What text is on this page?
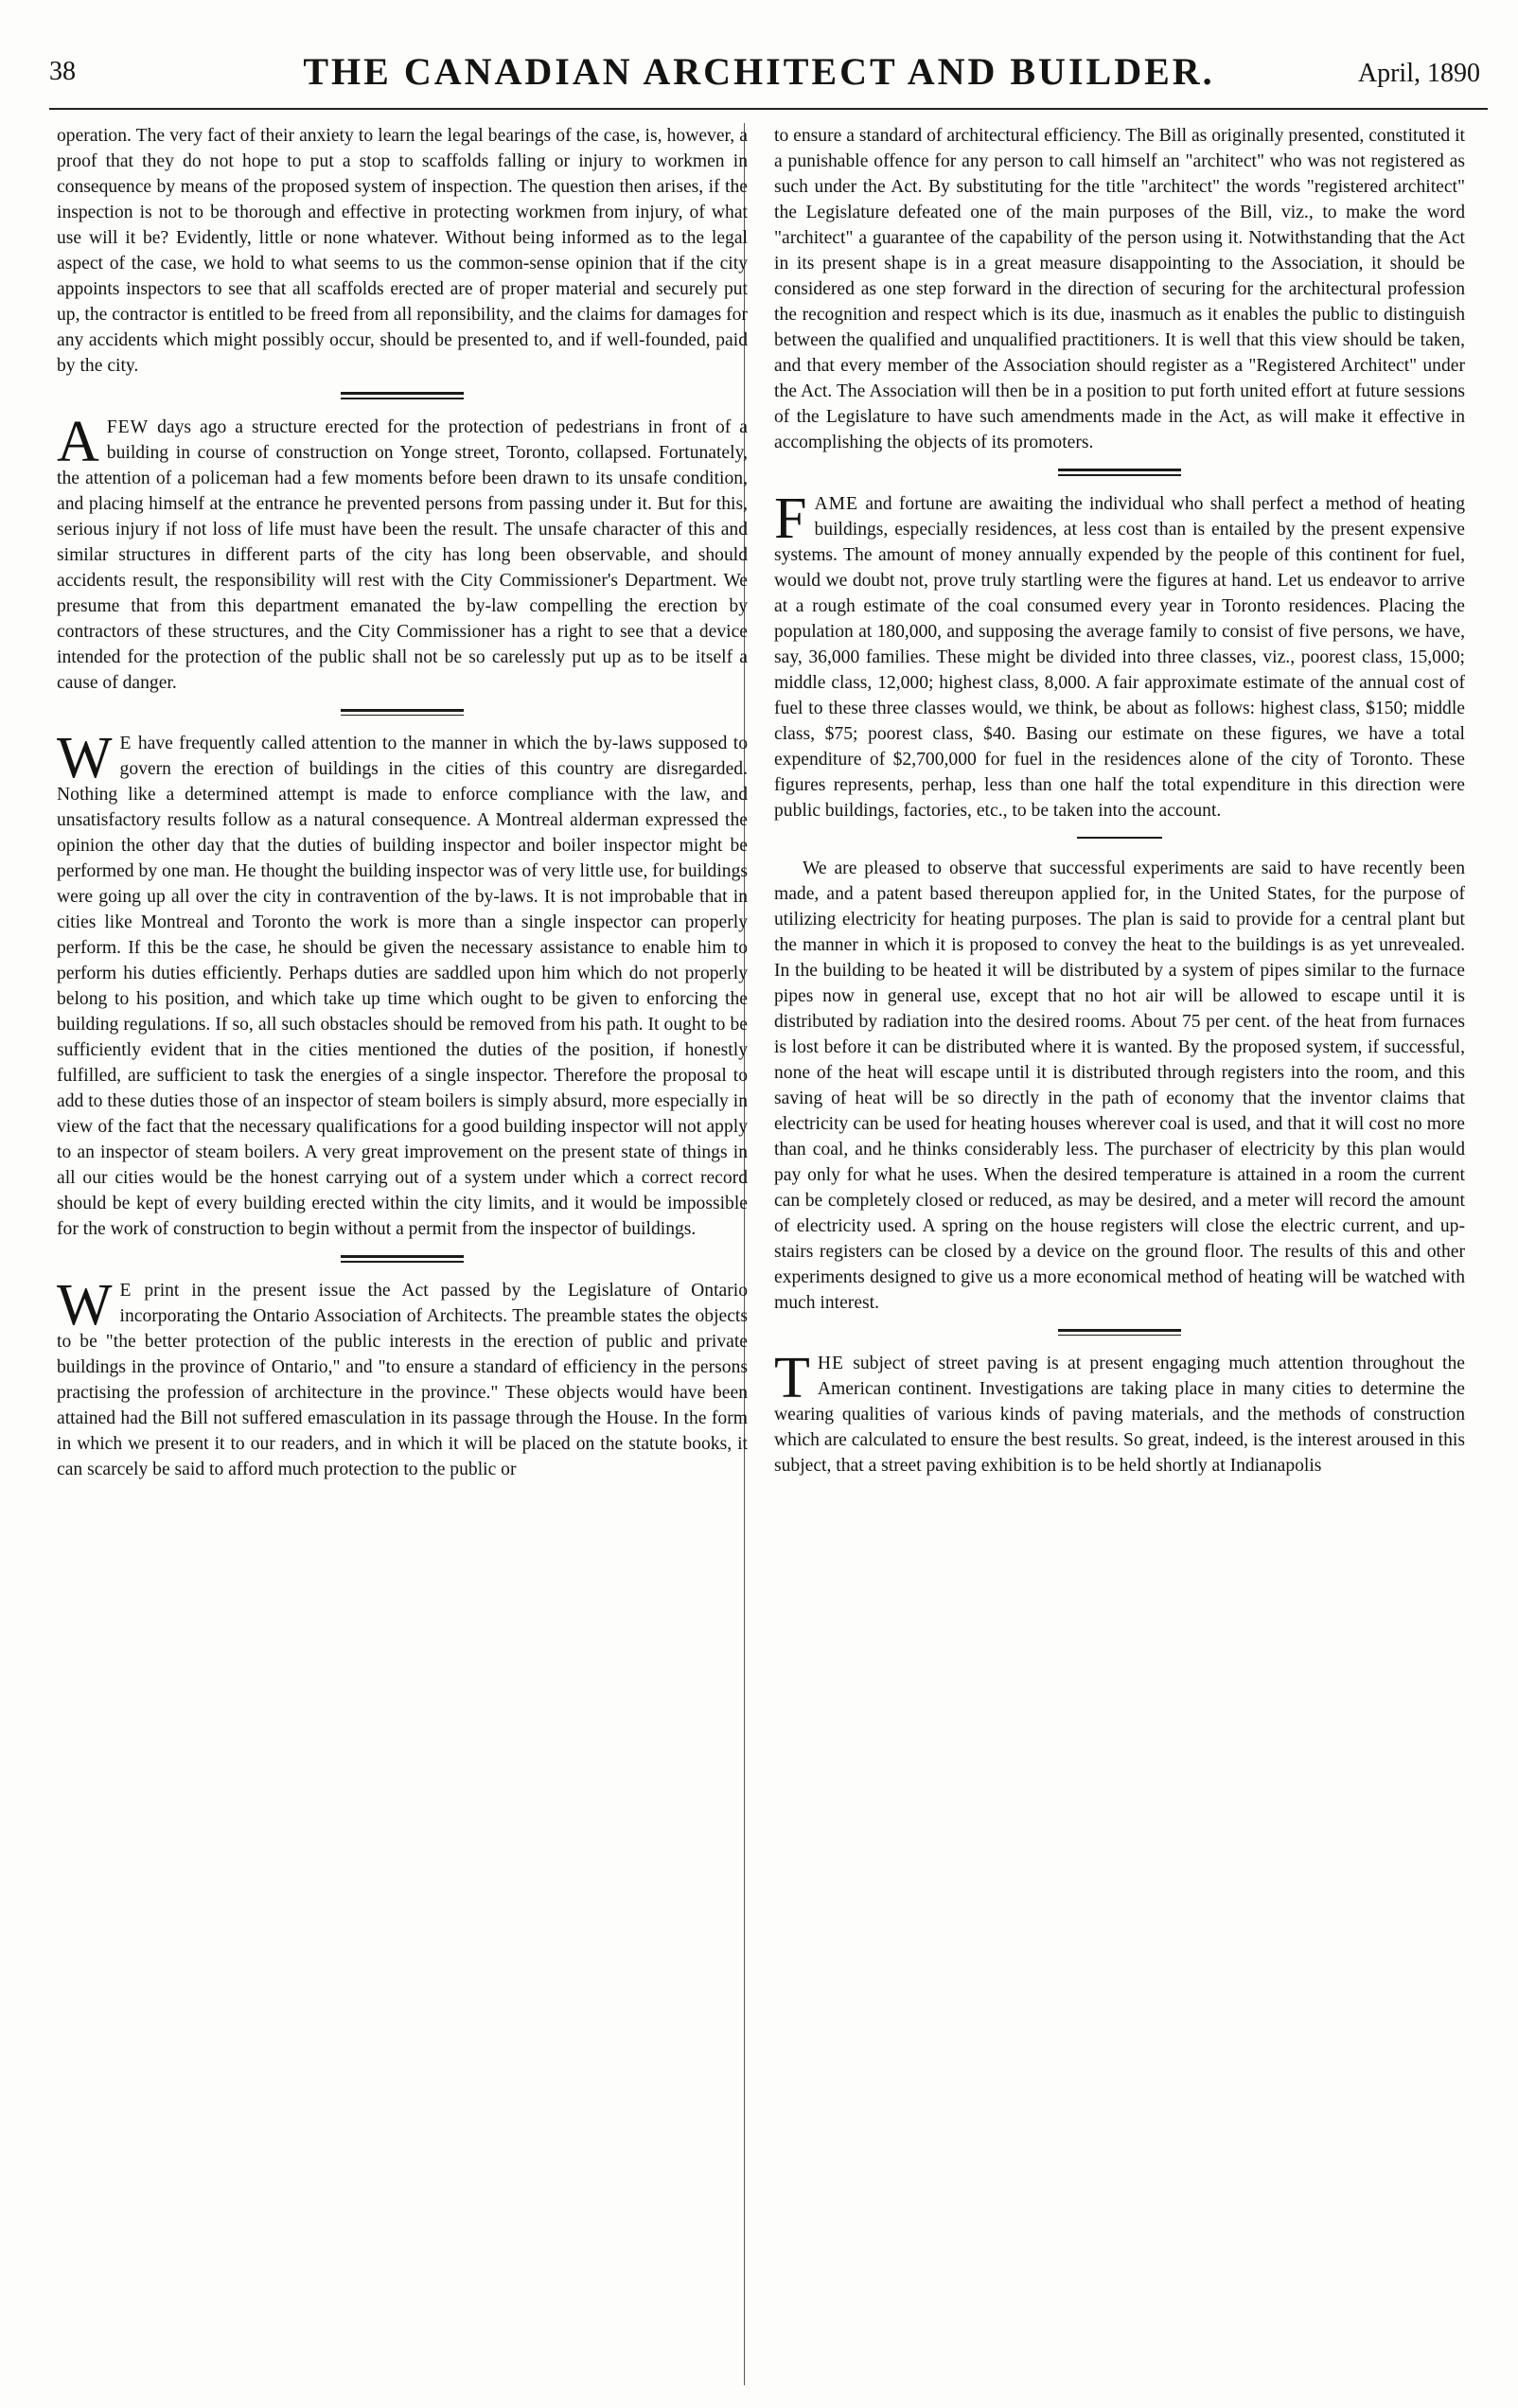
38	THE CANADIAN ARCHITECT AND BUILDER.	April, 1890

operation. The very fact of their anxiety to learn the legal bearings of the case, is, however, a proof that they do not hope to put a stop to scaffolds falling or injury to workmen in consequence by means of the proposed system of inspection. The question then arises, if the inspection is not to be thorough and effective in protecting workmen from injury, of what use will it be? Evidently, little or none whatever. Without being informed as to the legal aspect of the case, we hold to what seems to us the common-sense opinion that if the city appoints inspectors to see that all scaffolds erected are of proper material and securely put up, the contractor is entitled to be freed from all reponsibility, and the claims for damages for any accidents which might possibly occur, should be presented to, and if well-founded, paid by the city.

AFEW days ago a structure erected for the protection of pedestrians in front of a building in course of construction on Yonge street, Toronto, collapsed. Fortunately, the attention of a policeman had a few moments before been drawn to its unsafe condition, and placing himself at the entrance he prevented persons from passing under it. But for this, serious injury if not loss of life must have been the result. The unsafe character of this and similar structures in different parts of the city has long been observable, and should accidents result, the responsibility will rest with the City Commissioner's Department. We presume that from this department emanated the by-law compelling the erection by contractors of these structures, and the City Commissioner has a right to see that a device intended for the protection of the public shall not be so carelessly put up as to be itself a cause of danger.

W E have frequently called attention to the manner in which the by-laws supposed to govern the erection of buildings in the cities of this country are disregarded. Nothing like a determined attempt is made to enforce compliance with the law, and unsatisfactory results follow as a natural consequence. A Montreal alderman expressed the opinion the other day that the duties of building inspector and boiler inspector might be performed by one man. He thought the building inspector was of very little use, for buildings were going up all over the city in contravention of the by-laws. It is not improbable that in cities like Montreal and Toronto the work is more than a single inspector can properly perform. If this be the case, he should be given the necessary assistance to enable him to perform his duties efficiently. Perhaps duties are saddled upon him which do not properly belong to his position, and which take up time which ought to be given to enforcing the building regulations. If so, all such obstacles should be removed from his path. It ought to be sufficiently evident that in the cities mentioned the duties of the position, if honestly fulfilled, are sufficient to task the energies of a single inspector. Therefore the proposal to add to these duties those of an inspector of steam boilers is simply absurd, more especially in view of the fact that the necessary qualifications for a good building inspector will not apply to an inspector of steam boilers. A very great improvement on the present state of things in all our cities would be the honest carrying out of a system under which a correct record should be kept of every building erected within the city limits, and it would be impossible for the work of construction to begin without a permit from the inspector of buildings.

W E print in the present issue the Act passed by the Legislature of Ontario incorporating the Ontario Association of Architects. The preamble states the objects to be "the better protection of the public interests in the erection of public and private buildings in the province of Ontario," and "to ensure a standard of efficiency in the persons practising the profession of architecture in the province." These objects would have been attained had the Bill not suffered emasculation in its passage through the House. In the form in which we present it to our readers, and in which it will be placed on the statute books, it can scarcely be said to afford much protection to the public or

to ensure a standard of architectural efficiency. The Bill as originally presented, constituted it a punishable offence for any person to call himself an "architect" who was not registered as such under the Act. By substituting for the title "architect" the words "registered architect" the Legislature defeated one of the main purposes of the Bill, viz., to make the word "architect" a guarantee of the capability of the person using it. Notwithstanding that the Act in its present shape is in a great measure disappointing to the Association, it should be considered as one step forward in the direction of securing for the architectural profession the recognition and respect which is its due, inasmuch as it enables the public to distinguish between the qualified and unqualified practitioners. It is well that this view should be taken, and that every member of the Association should register as a "Registered Architect" under the Act. The Association will then be in a position to put forth united effort at future sessions of the Legislature to have such amendments made in the Act, as will make it effective in accomplishing the objects of its promoters.

FAME and fortune are awaiting the individual who shall perfect a method of heating buildings, especially residences, at less cost than is entailed by the present expensive systems. The amount of money annually expended by the people of this continent for fuel, would we doubt not, prove truly startling were the figures at hand. Let us endeavor to arrive at a rough estimate of the coal consumed every year in Toronto residences. Placing the population at 180,000, and supposing the average family to consist of five persons, we have, say, 36,000 families. These might be divided into three classes, viz., poorest class, 15,000; middle class, 12,000; highest class, 8,000. A fair approximate estimate of the annual cost of fuel to these three classes would, we think, be about as follows: highest class, $150; middle class, $75; poorest class, $40. Basing our estimate on these figures, we have a total expenditure of $2,700,000 for fuel in the residences alone of the city of Toronto. These figures represents, perhap, less than one half the total expenditure in this direction were public buildings, factories, etc., to be taken into the account.

We are pleased to observe that successful experiments are said to have recently been made, and a patent based thereupon applied for, in the United States, for the purpose of utilizing electricity for heating purposes. The plan is said to provide for a central plant but the manner in which it is proposed to convey the heat to the buildings is as yet unrevealed. In the building to be heated it will be distributed by a system of pipes similar to the furnace pipes now in general use, except that no hot air will be allowed to escape until it is distributed by radiation into the desired rooms. About 75 per cent. of the heat from furnaces is lost before it can be distributed where it is wanted. By the proposed system, if successful, none of the heat will escape until it is distributed through registers into the room, and this saving of heat will be so directly in the path of economy that the inventor claims that electricity can be used for heating houses wherever coal is used, and that it will cost no more than coal, and he thinks considerably less. The purchaser of electricity by this plan would pay only for what he uses. When the desired temperature is attained in a room the current can be completely closed or reduced, as may be desired, and a meter will record the amount of electricity used. A spring on the house registers will close the electric current, and up-stairs registers can be closed by a device on the ground floor. The results of this and other experiments designed to give us a more economical method of heating will be watched with much interest.

THE subject of street paving is at present engaging much attention throughout the American continent. Investigations are taking place in many cities to determine the wearing qualities of various kinds of paving materials, and the methods of construction which are calculated to ensure the best results. So great, indeed, is the interest aroused in this subject, that a street paving exhibition is to be held shortly at Indianapolis
